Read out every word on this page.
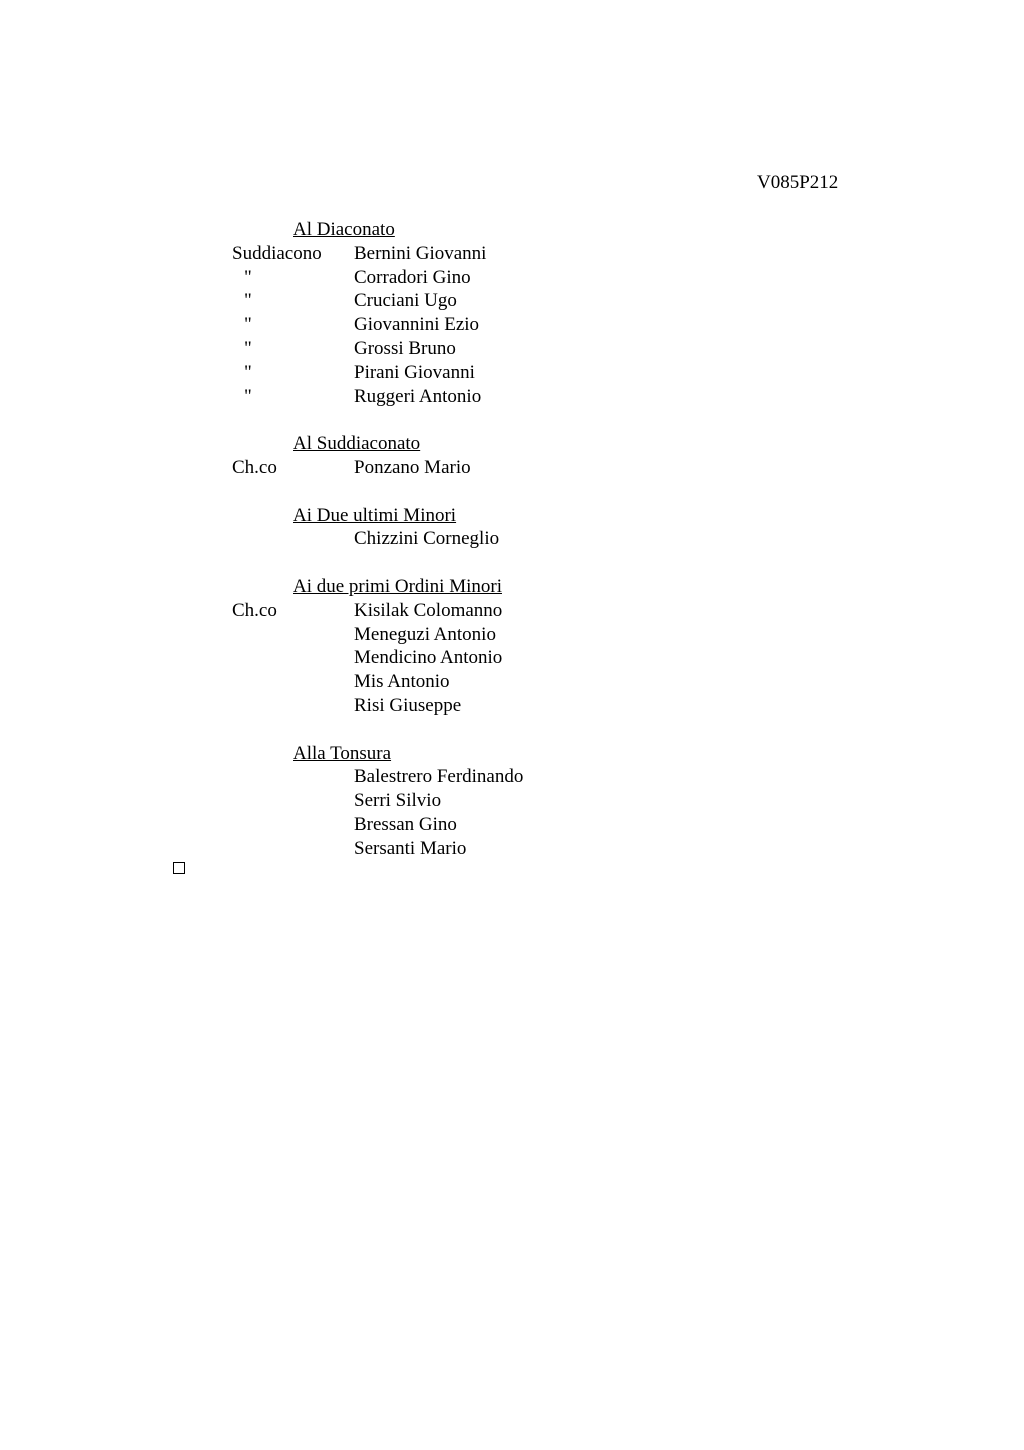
V085P212
Al Diaconato
Suddiacono Bernini Giovanni
"	Corradori Gino
"	Cruciani Ugo
"	Giovannini Ezio
"	Grossi Bruno
"	Pirani Giovanni
"	Ruggeri Antonio
Al Suddiaconato
Ch.co	Ponzano Mario
Ai Due ultimi Minori
Chizzini Corneglio
Ai due primi Ordini Minori
Ch.co	Kisilak Colomanno
Meneguzi Antonio
Mendicino Antonio
Mis Antonio
Risi Giuseppe
Alla Tonsura
Balestrero Ferdinando
Serri Silvio
Bressan Gino
Sersanti Mario
